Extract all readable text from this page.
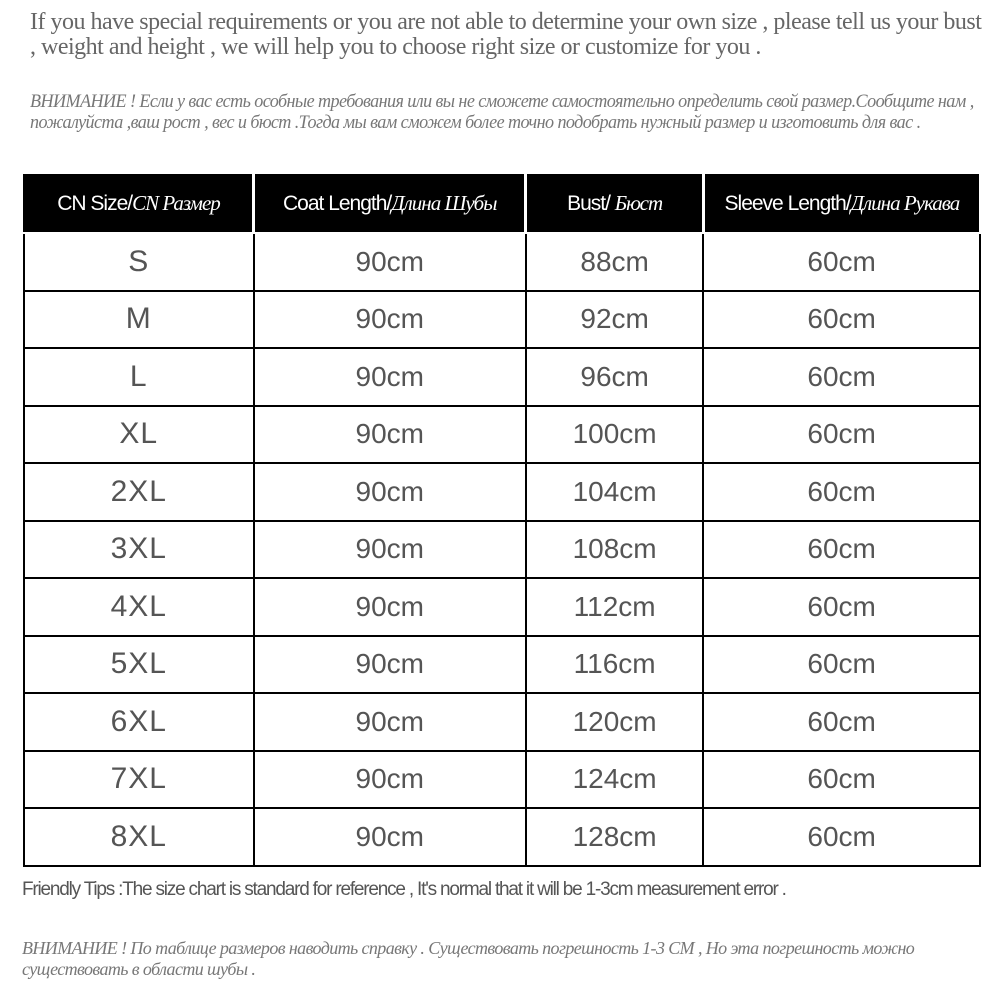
If you have special requirements or you are not able to determine your own size , please tell us your bust , weight and height , we will help you to choose right size or customize for you .
ВНИМАНИЕ ! Если у вас есть особные требования или вы не сможете самостоятельно определить свой размер.Сообщите нам , пожалуйста ,ваш рост , вес и бюст .Тогда мы вам сможем более точно подобрать нужный размер и изготовить для вас .
CN Size/CN Размер	Coat Length/Длина Шубы	Bust/ Бюст	Sleeve Length/Длина Рукава
S	90cm	88cm	60cm
M	90cm	92cm	60cm
L	90cm	96cm	60cm
XL	90cm	100cm	60cm
2XL	90cm	104cm	60cm
3XL	90cm	108cm	60cm
4XL	90cm	112cm	60cm
5XL	90cm	116cm	60cm
6XL	90cm	120cm	60cm
7XL	90cm	124cm	60cm
8XL	90cm	128cm	60cm
Friendly Tips :The size chart is standard for reference , It's normal that it will be 1-3cm measurement error .
ВНИМАНИЕ ! По таблице размеров наводить справку . Существовать погрешность 1-3 СМ , Но эта погрешность можно существовать в области шубы .
